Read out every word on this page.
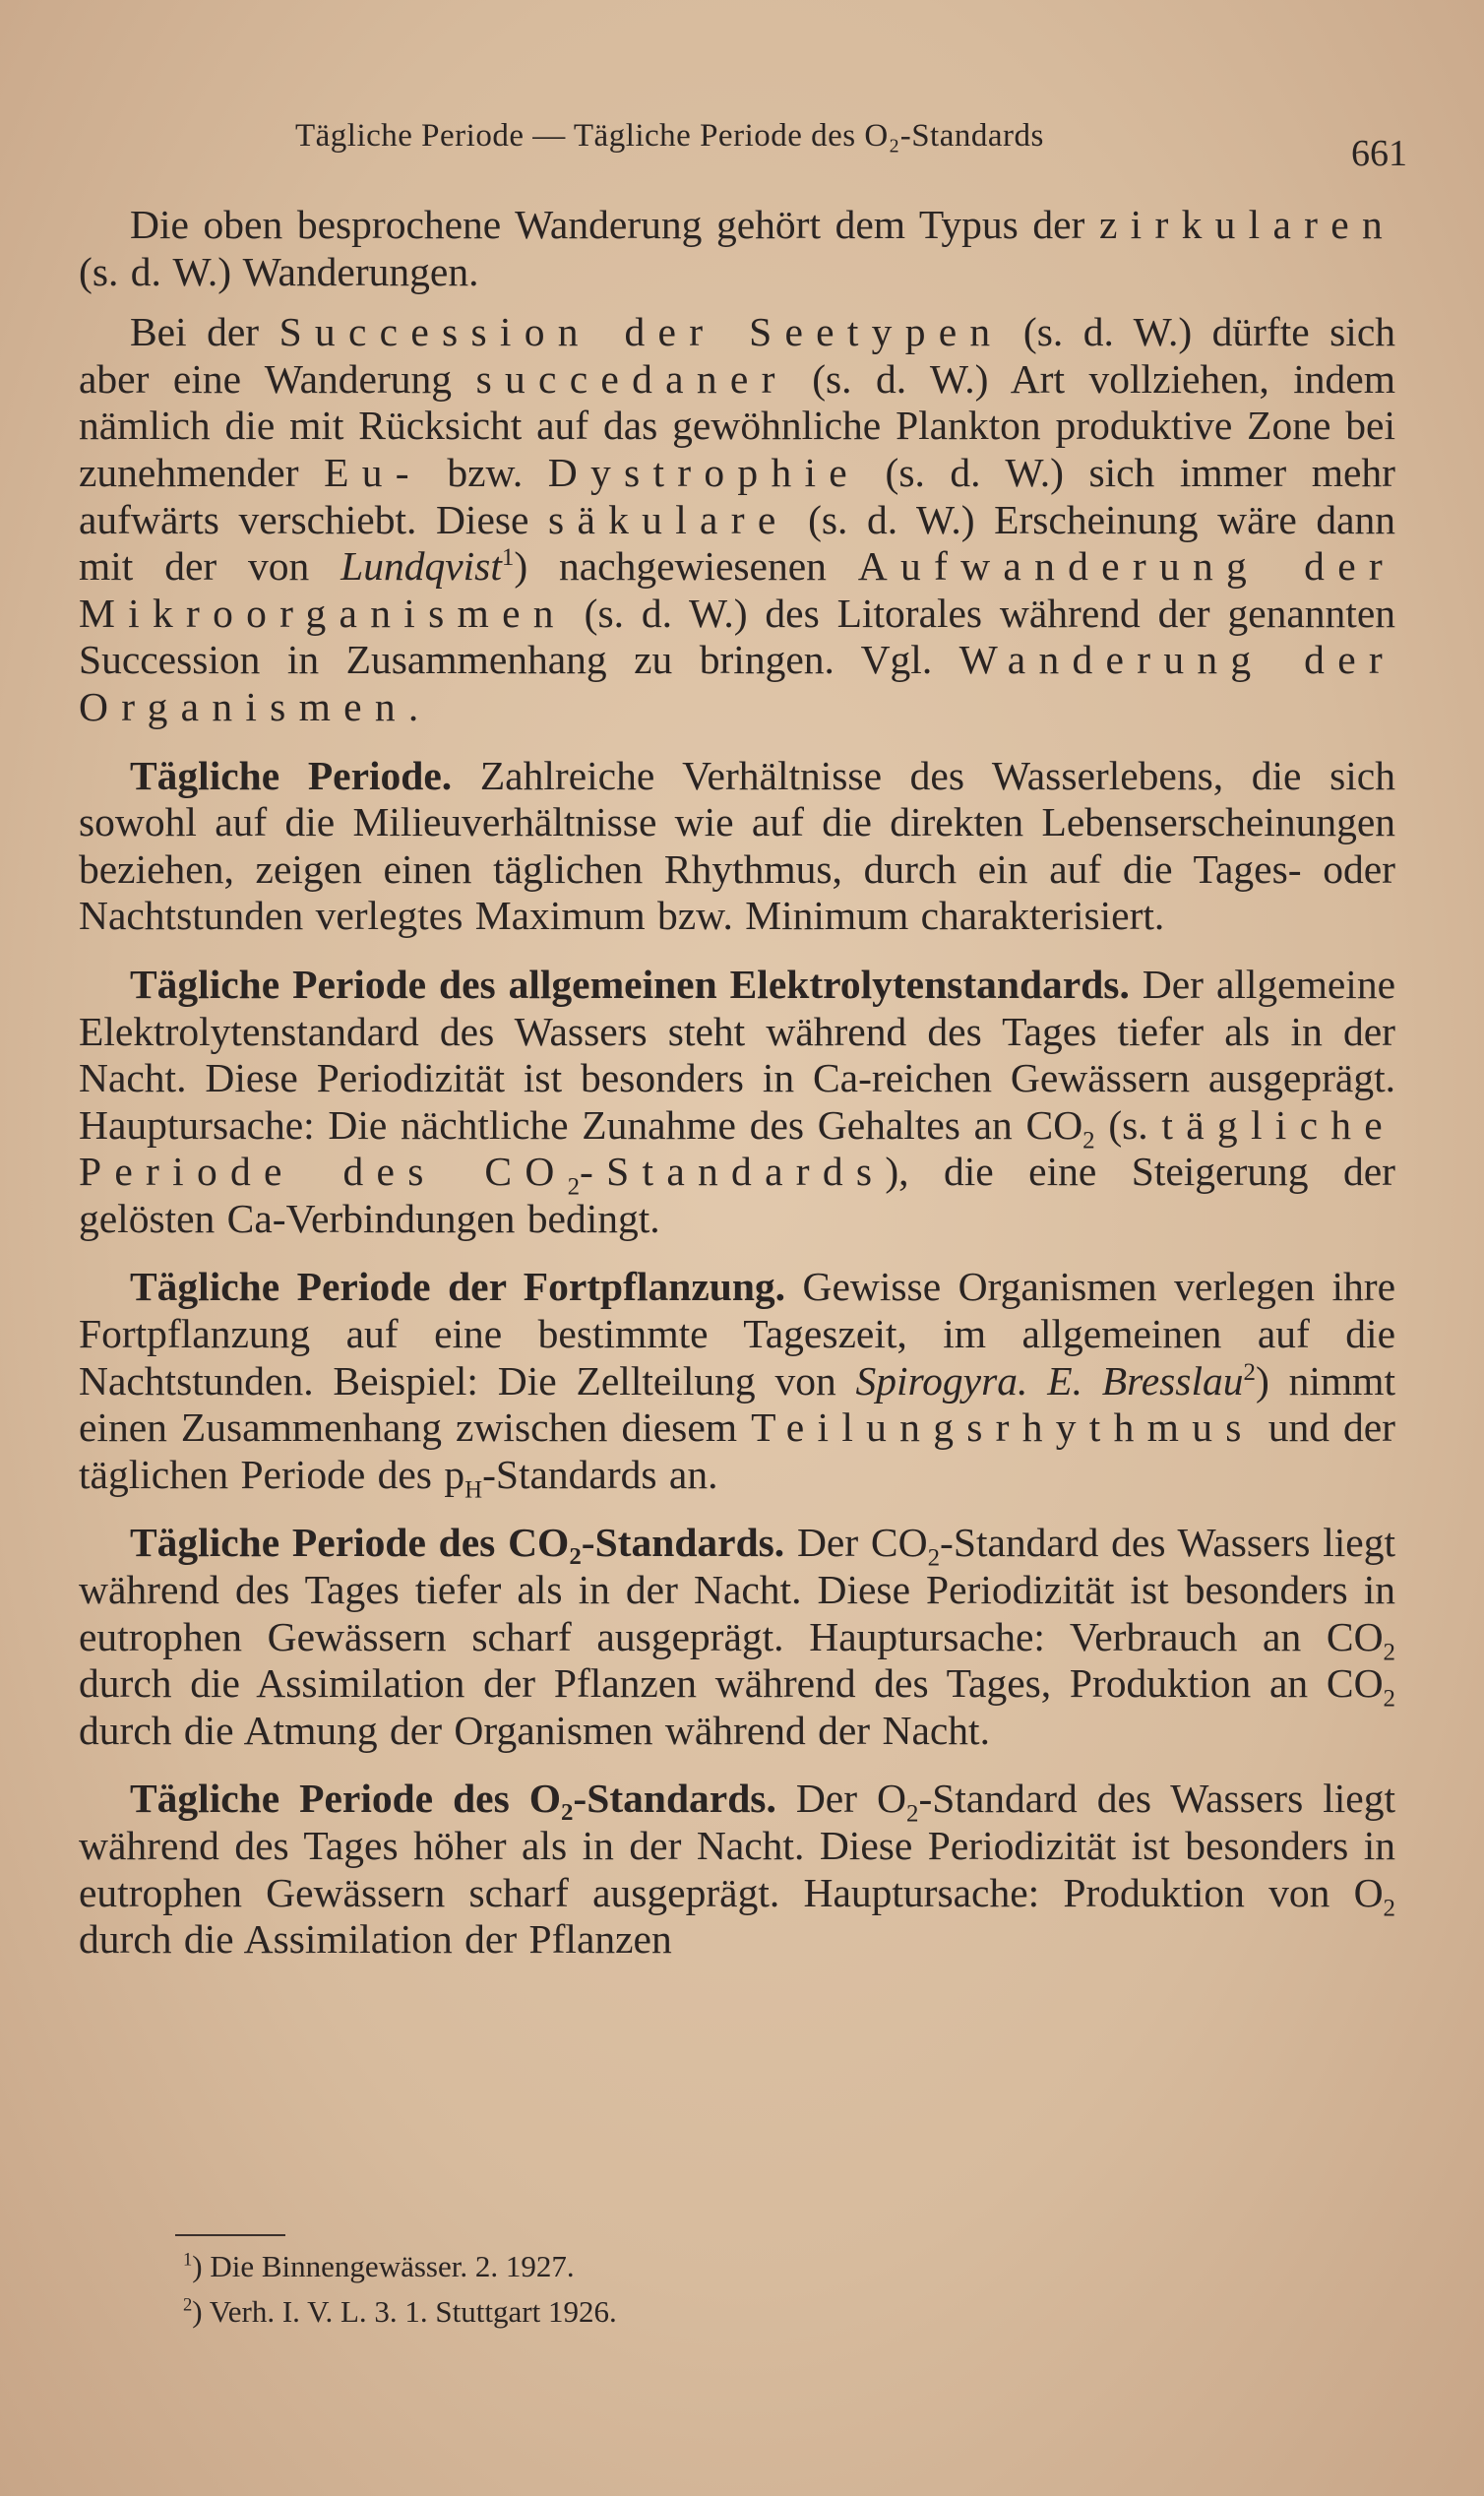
Tägliche Periode — Tägliche Periode des O₂-Standards	661

Die oben besprochene Wanderung gehört dem Typus der zirkularen (s. d. W.) Wanderungen.

Bei der Succession der Seetypen (s. d. W.) dürfte sich aber eine Wanderung succedaner (s. d. W.) Art vollziehen, indem nämlich die mit Rücksicht auf das gewöhnliche Plankton produktive Zone bei zunehmender Eu- bzw. Dystrophie (s. d. W.) sich immer mehr aufwärts verschiebt. Diese säkulare (s. d. W.) Erscheinung wäre dann mit der von Lundqvist$^1$) nachgewiesenen Aufwanderung der Mikroorganismen (s. d. W.) des Litorales während der genannten Succession in Zusammenhang zu bringen. Vgl. Wanderung der Organismen.

Tägliche Periode. Zahlreiche Verhältnisse des Wasserlebens, die sich sowohl auf die Milieuverhältnisse wie auf die direkten Lebenserscheinungen beziehen, zeigen einen täglichen Rhythmus, durch ein auf die Tages- oder Nachtstunden verlegtes Maximum bzw. Minimum charakterisiert.

Tägliche Periode des allgemeinen Elektrolytenstandards. Der allgemeine Elektrolytenstandard des Wassers steht während des Tages tiefer als in der Nacht. Diese Periodizität ist besonders in Ca-reichen Gewässern ausgeprägt. Hauptursache: Die nächtliche Zunahme des Gehaltes an $CO_2$ (s. tägliche Periode des $CO_2-Standards$), die eine Steigerung der gelösten Ca-Verbindungen bedingt.

Tägliche Periode der Fortpflanzung. Gewisse Organismen verlegen ihre Fortpflanzung auf eine bestimmte Tageszeit, im allgemeinen auf die Nachtstunden. Beispiel: Die Zellteilung von Spirogyra. E. Bresslau$^2$) nimmt einen Zusammenhang zwischen diesem Teilungsrhythmus und der täglichen Periode des $p_H$-Standards an.

Tägliche Periode des CO₂-Standards. Der $CO_2$-Standard des Wassers liegt während des Tages tiefer als in der Nacht. Diese Periodizität ist besonders in eutrophen Gewässern scharf ausgeprägt. Hauptursache: Verbrauch an $CO_2$ durch die Assimilation der Pflanzen während des Tages, Produktion an $CO_2$ durch die Atmung der Organismen während der Nacht.

Tägliche Periode des O₂-Standards. Der $O_2$-Standard des Wassers liegt während des Tages höher als in der Nacht. Diese Periodizität ist besonders in eutrophen Gewässern scharf ausgeprägt. Hauptursache: Produktion von $O_2$ durch die Assimilation der Pflanzen

$^1$) Die Binnengewässer. 2. 1927.

$^2$) Verh. I. V. L. 3. 1. Stuttgart 1926.
